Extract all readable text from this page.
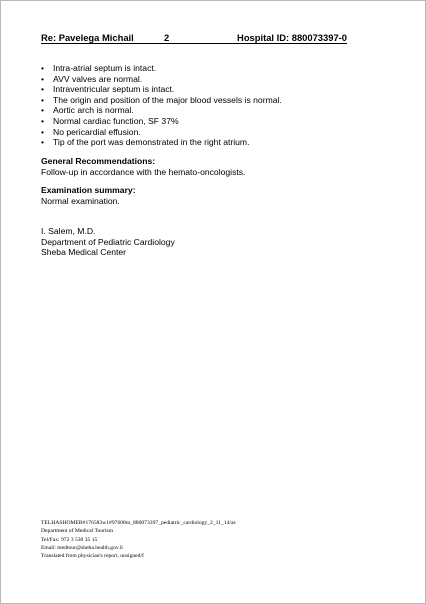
Re: Pavelega Michail	2	Hospital ID: 880073397-0
• Intra-atrial septum is intact.
• AVV valves are normal.
• Intraventricular septum is intact.
• The origin and position of the major blood vessels is normal.
• Aortic arch is normal.
• Normal cardiac function, SF 37%
• No pericardial effusion.
• Tip of the port was demonstrated in the right atrium.
General Recommendations:
Follow-up in accordance with the hemato-oncologists.
Examination summary:
Normal examination.
I. Salem, M.D.
Department of Pediatric Cardiology
Sheba Medical Center
TELHASHOMER#176583w1#97608m_880073397_pediatric_cardiology_2_11_14/as
Department of Medical Tourism
Tel/Fax: 972 3 530 35 15
Email: medtour@sheba.health.gov.il
Translated from physician's report, unsigned/f
